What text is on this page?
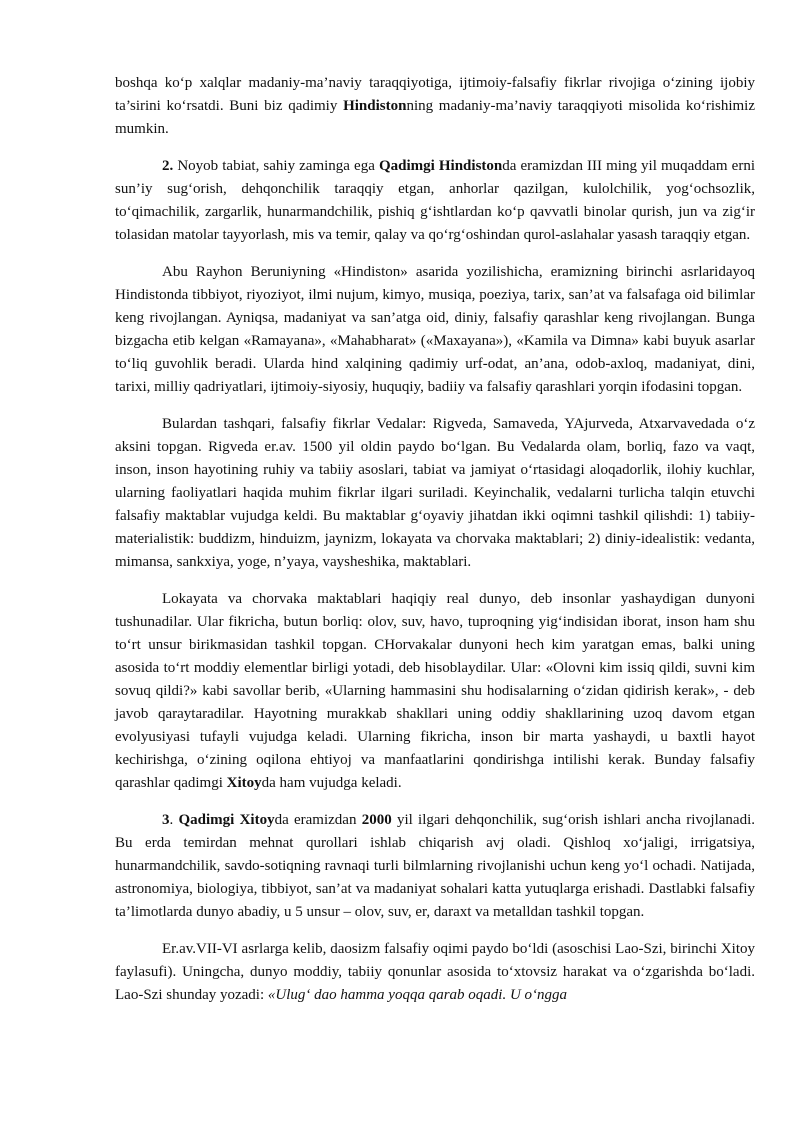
boshqa ko‘p xalqlar madaniy-ma’naviy taraqqiyotiga, ijtimoiy-falsafiy fikrlar rivojiga o‘zining ijobiy ta’sirini ko‘rsatdi. Buni biz qadimiy Hindistonning madaniy-ma’naviy taraqqiyoti misolida ko‘rishimiz mumkin.

2. Noyob tabiat, sahiy zaminga ega Qadimgi Hindistonda eramizdan III ming yil muqaddam erni sun’iy sug‘orish, dehqonchilik taraqqiy etgan, anhorlar qazilgan, kulolchilik, yog‘ochsozlik, to‘qimachilik, zargarlik, hunarmandchilik, pishiq g‘ishtlardan ko‘p qavvatli binolar qurish, jun va zig‘ir tolasidan matolar tayyorlash, mis va temir, qalay va qo‘rg‘oshindan qurol-aslahalar yasash taraqqiy etgan.

Abu Rayhon Beruniyning «Hindiston» asarida yozilishicha, eramizning birinchi asrlaridayoq Hindistonda tibbiyot, riyoziyot, ilmi nujum, kimyo, musiqa, poeziya, tarix, san’at va falsafaga oid bilimlar keng rivojlangan. Ayniqsa, madaniyat va san’atga oid, diniy, falsafiy qarashlar keng rivojlangan. Bunga bizgacha etib kelgan «Ramayana», «Mahabharat» («Maxayana»), «Kamila va Dimna» kabi buyuk asarlar to‘liq guvohlik beradi. Ularda hind xalqining qadimiy urf-odat, an’ana, odob-axloq, madaniyat, dini, tarixi, milliy qadriyatlari, ijtimoiy-siyosiy, huquqiy, badiiy va falsafiy qarashlari yorqin ifodasini topgan.

Bulardan tashqari, falsafiy fikrlar Vedalar: Rigveda, Samaveda, YAjurveda, Atxarvavedada o‘z aksini topgan. Rigveda er.av. 1500 yil oldin paydo bo‘lgan. Bu Vedalarda olam, borliq, fazo va vaqt, inson, inson hayotining ruhiy va tabiiy asoslari, tabiat va jamiyat o‘rtasidagi aloqadorlik, ilohiy kuchlar, ularning faoliyatlari haqida muhim fikrlar ilgari suriladi. Keyinchalik, vedalarni turlicha talqin etuvchi falsafiy maktablar vujudga keldi. Bu maktablar g‘oyaviy jihatdan ikki oqimni tashkil qilishdi: 1) tabiiy-materialistik: buddizm, hinduizm, jaynizm, lokayata va chorvaka maktablari; 2) diniy-idealistik: vedanta, mimansa, sankxiya, yoge, n’yaya, vaysheshika, maktablari.

Lokayata va chorvaka maktablari haqiqiy real dunyo, deb insonlar yashaydigan dunyoni tushunadilar. Ular fikricha, butun borliq: olov, suv, havo, tuproqning yig‘indisidan iborat, inson ham shu to‘rt unsur birikmasidan tashkil topgan. CHorvakalar dunyoni hech kim yaratgan emas, balki uning asosida to‘rt moddiy elementlar birligi yotadi, deb hisoblaydilar. Ular: «Olovni kim issiq qildi, suvni kim sovuq qildi?» kabi savollar berib, «Ularning hammasini shu hodisalarning o‘zidan qidirish kerak», - deb javob qaraytaradilar. Hayotning murakkab shakllari uning oddiy shakllarining uzoq davom etgan evolyusiyasi tufayli vujudga keladi. Ularning fikricha, inson bir marta yashaydi, u baxtli hayot kechirishga, o‘zining oqilona ehtiyoj va manfaatlarini qondirishga intilishi kerak. Bunday falsafiy qarashlar qadimgi Xitoyda ham vujudga keladi.

3. Qadimgi Xitoyda eramizdan 2000 yil ilgari dehqonchilik, sug‘orish ishlari ancha rivojlanadi. Bu erda temirdan mehnat qurollari ishlab chiqarish avj oladi. Qishloq xo‘jaligi, irrigatsiya, hunarmandchilik, savdo-sotiqning ravnaqi turli bilmlarning rivojlanishi uchun keng yo‘l ochadi. Natijada, astronomiya, biologiya, tibbiyot, san’at va madaniyat sohalari katta yutuqlarga erishadi. Dastlabki falsafiy ta’limotlarda dunyo abadiy, u 5 unsur – olov, suv, er, daraxt va metalldan tashkil topgan.

Er.av.VII-VI asrlarga kelib, daosizm falsafiy oqimi paydo bo‘ldi (asoschisi Lao-Szi, birinchi Xitoy faylasufi). Uningcha, dunyo moddiy, tabiiy qonunlar asosida to‘xtovsiz harakat va o‘zgarishda bo‘ladi. Lao-Szi shunday yozadi: «Ulug‘ dao hamma yoqqa qarab oqadi. U o‘ngga
